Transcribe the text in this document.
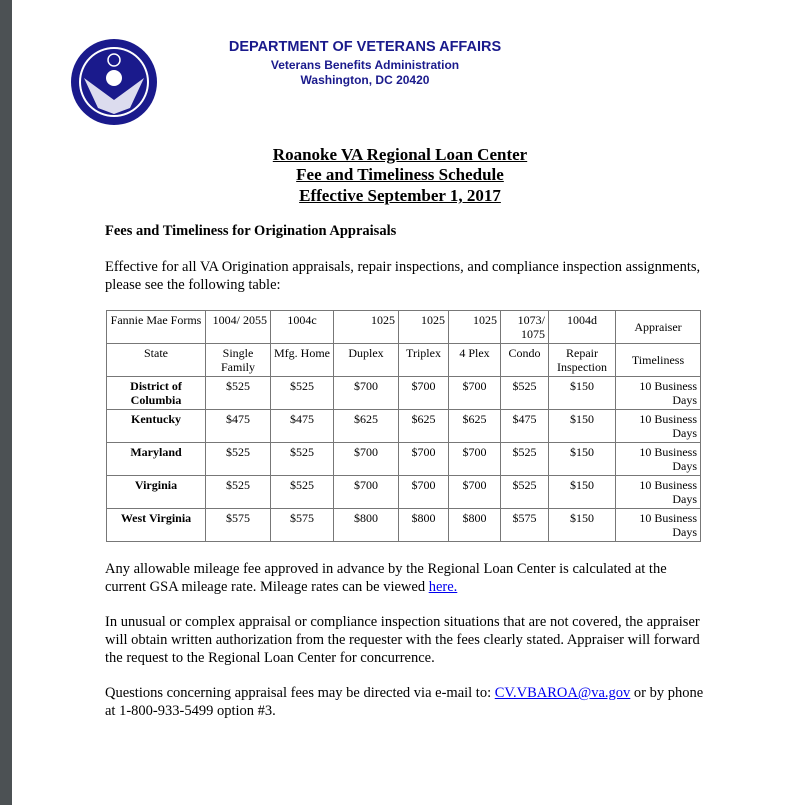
DEPARTMENT OF VETERANS AFFAIRS
Veterans Benefits Administration
Washington, DC 20420
Roanoke VA Regional Loan Center
Fee and Timeliness Schedule
Effective September 1, 2017
Fees and Timeliness for Origination Appraisals
Effective for all VA Origination appraisals, repair inspections, and compliance inspection assignments, please see the following table:
Fannie Mae Forms	1004/ 2055	1004c	1025	1025	1025	1073/ 1075	1004d	Appraiser
State	Single Family	Mfg. Home	Duplex	Triplex	4 Plex	Condo	Repair Inspection	Timeliness
District of Columbia	$525	$525	$700	$700	$700	$525	$150	10 Business Days
Kentucky	$475	$475	$625	$625	$625	$475	$150	10 Business Days
Maryland	$525	$525	$700	$700	$700	$525	$150	10 Business Days
Virginia	$525	$525	$700	$700	$700	$525	$150	10 Business Days
West Virginia	$575	$575	$800	$800	$800	$575	$150	10 Business Days
Any allowable mileage fee approved in advance by the Regional Loan Center is calculated at the current GSA mileage rate. Mileage rates can be viewed here.
In unusual or complex appraisal or compliance inspection situations that are not covered, the appraiser will obtain written authorization from the requester with the fees clearly stated. Appraiser will forward the request to the Regional Loan Center for concurrence.
Questions concerning appraisal fees may be directed via e-mail to: CV.VBAROA@va.gov or by phone at 1-800-933-5499 option #3.
